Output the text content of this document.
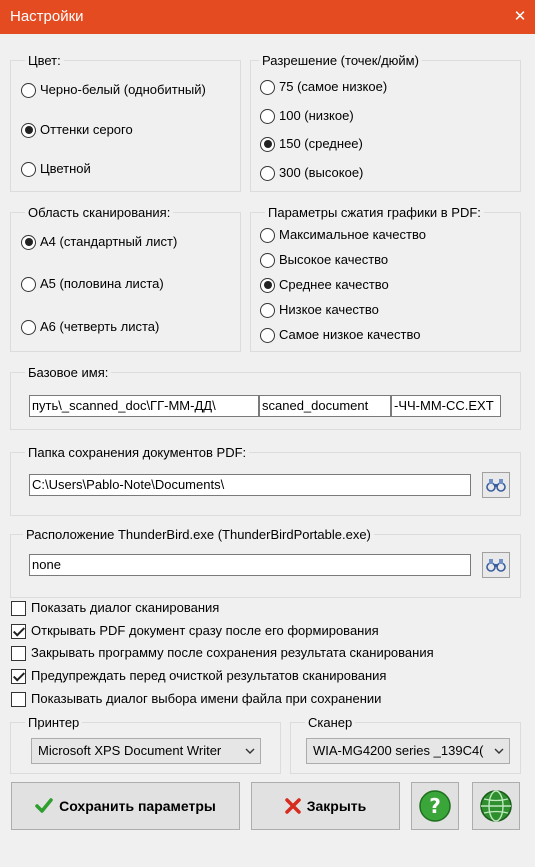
Настройки	✕
Цвет:
Черно-белый (однобитный)
Оттенки серого
Цветной
Разрешение (точек/дюйм)
75 (самое низкое)
100 (низкое)
150 (среднее)
300 (высокое)
Область сканирования:
A4 (стандартный лист)
A5 (половина листа)
A6 (четверть листа)
Параметры сжатия графики в PDF:
Максимальное качество
Высокое качество
Среднее качество
Низкое качество
Самое низкое качество
Базовое имя:
путь\_scanned_doc\ГГ-ММ-ДД\	scaned_document	-ЧЧ-ММ-СС.EXT
Папка сохранения документов PDF:
C:\Users\Pablo-Note\Documents\
Расположение ThunderBird.exe (ThunderBirdPortable.exe)
none
Показать диалог сканирования
Открывать PDF документ сразу после его формирования
Закрывать программу после сохранения результата сканирования
Предупреждать перед очисткой результатов сканирования
Показывать диалог выбора имени файла при сохранении
Принтер
Microsoft XPS Document Writer
Сканер
WIA-MG4200 series _139C4(
Сохранить параметры	Закрыть	?
